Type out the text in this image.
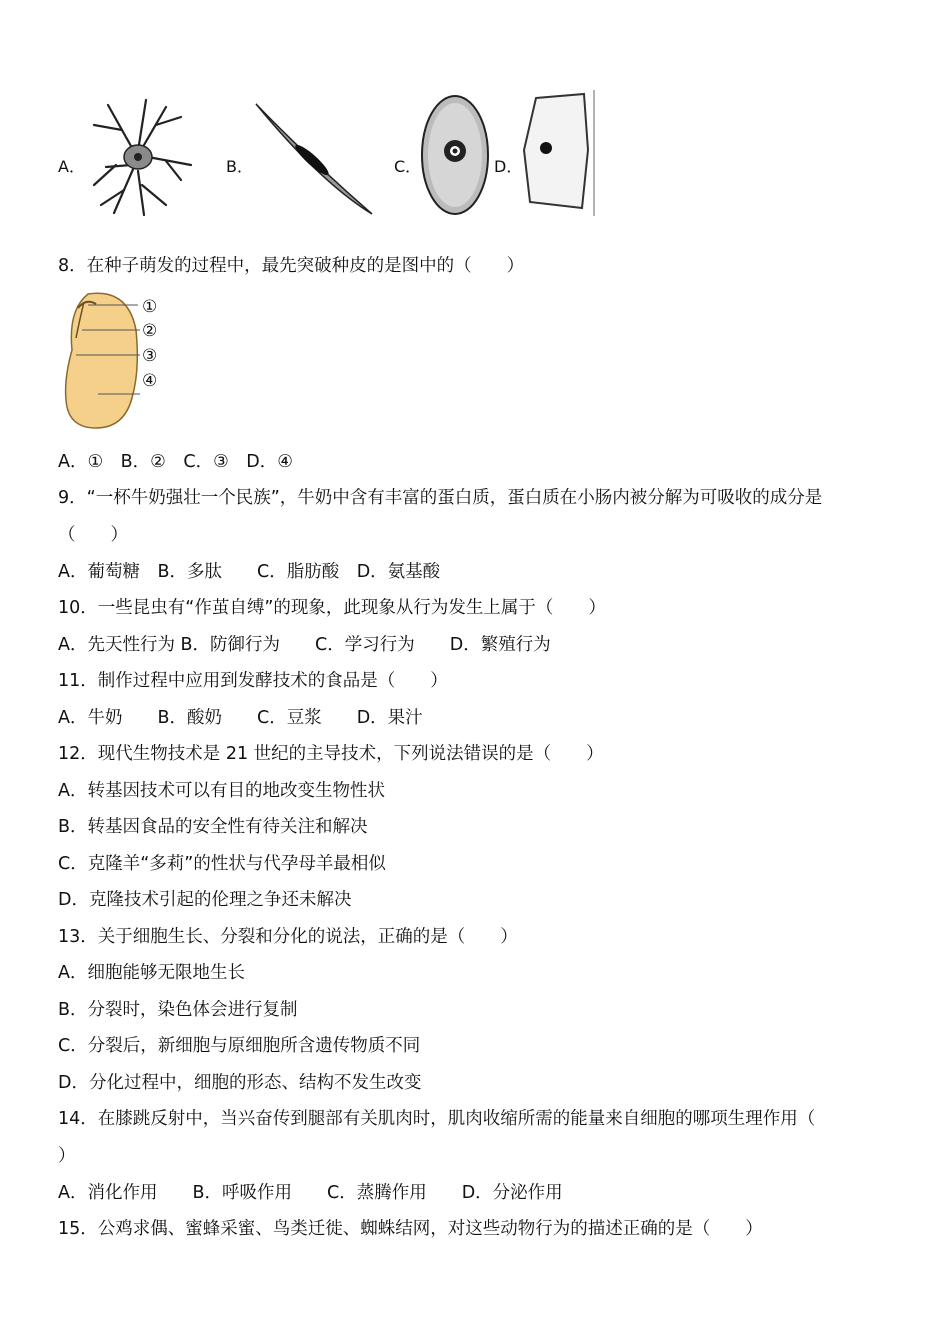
A．	B．	C．	D．
8．在种子萌发的过程中，最先突破种皮的是图中的（　　）
①
②
③
④
A．①　B．②　C．③　D．④
9．“一杯牛奶强壮一个民族”，牛奶中含有丰富的蛋白质，蛋白质在小肠内被分解为可吸收的成分是
（　　）
A．葡萄糖　B．多肽　　C．脂肪酸　D．氨基酸
10．一些昆虫有“作茧自缚”的现象，此现象从行为发生上属于（　　）
A．先天性行为 B．防御行为　　C．学习行为　　D．繁殖行为
11．制作过程中应用到发酵技术的食品是（　　）
A．牛奶　　B．酸奶　　C．豆浆　　D．果汁
12．现代生物技术是 21 世纪的主导技术，下列说法错误的是（　　）
A．转基因技术可以有目的地改变生物性状
B．转基因食品的安全性有待关注和解决
C．克隆羊“多莉”的性状与代孕母羊最相似
D．克隆技术引起的伦理之争还未解决
13．关于细胞生长、分裂和分化的说法，正确的是（　　）
A．细胞能够无限地生长
B．分裂时，染色体会进行复制
C．分裂后，新细胞与原细胞所含遗传物质不同
D．分化过程中，细胞的形态、结构不发生改变
14．在膝跳反射中，当兴奋传到腿部有关肌肉时，肌肉收缩所需的能量来自细胞的哪项生理作用（
）
A．消化作用　　B．呼吸作用　　C．蒸腾作用　　D．分泌作用
15．公鸡求偶、蜜蜂采蜜、鸟类迁徙、蜘蛛结网，对这些动物行为的描述正确的是（　　）
